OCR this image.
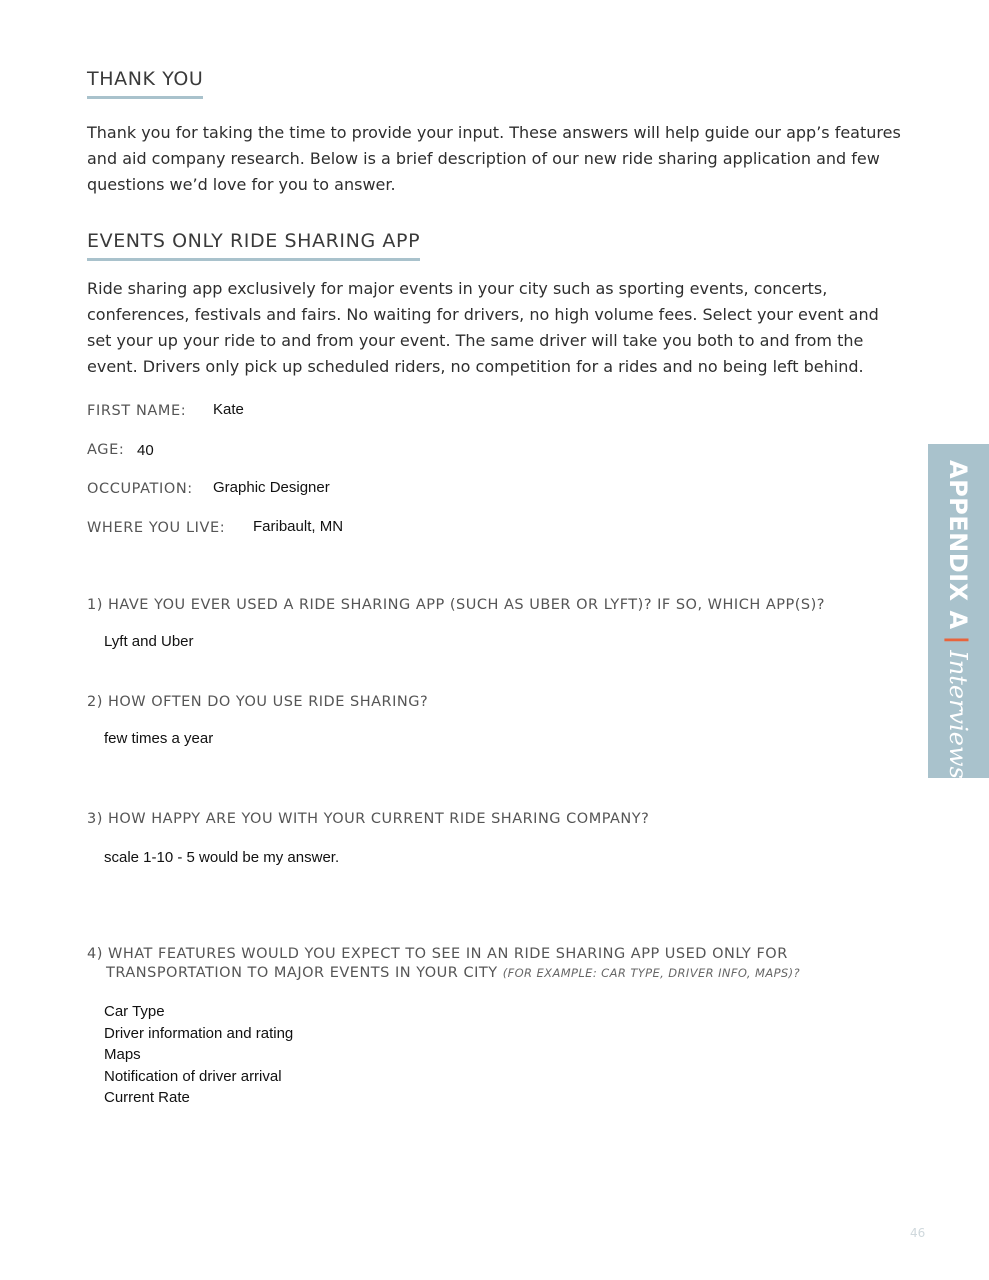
THANK YOU
Thank you for taking the time to provide your input. These answers will help guide our app’s features and aid company research. Below is a brief description of our new ride sharing application and few questions we’d love for you to answer.
EVENTS ONLY RIDE SHARING APP
Ride sharing app exclusively for major events in your city such as sporting events, concerts, conferences, festivals and fairs. No waiting for drivers, no high volume fees. Select your event and set your up your ride to and from your event. The same driver will take you both to and from the event. Drivers only pick up scheduled riders, no competition for a rides and no being left behind.
FIRST NAME: Kate
AGE: 40
OCCUPATION: Graphic Designer
WHERE YOU LIVE: Faribault, MN
1) HAVE YOU EVER USED A RIDE SHARING APP (SUCH AS UBER OR LYFT)? IF SO, WHICH APP(S)?
Lyft and Uber
2) HOW OFTEN DO YOU USE RIDE SHARING?
few times a year
3) HOW HAPPY ARE YOU WITH YOUR CURRENT RIDE SHARING COMPANY?
scale 1-10 - 5 would be my answer.
4) WHAT FEATURES WOULD YOU EXPECT TO SEE IN AN RIDE SHARING APP USED ONLY FOR
TRANSPORTATION TO MAJOR EVENTS IN YOUR CITY (FOR EXAMPLE: CAR TYPE, DRIVER INFO, MAPS)?
Car Type
Driver information and rating
Maps
Notification of driver arrival
Current Rate
APPENDIX A|Interviews
46
